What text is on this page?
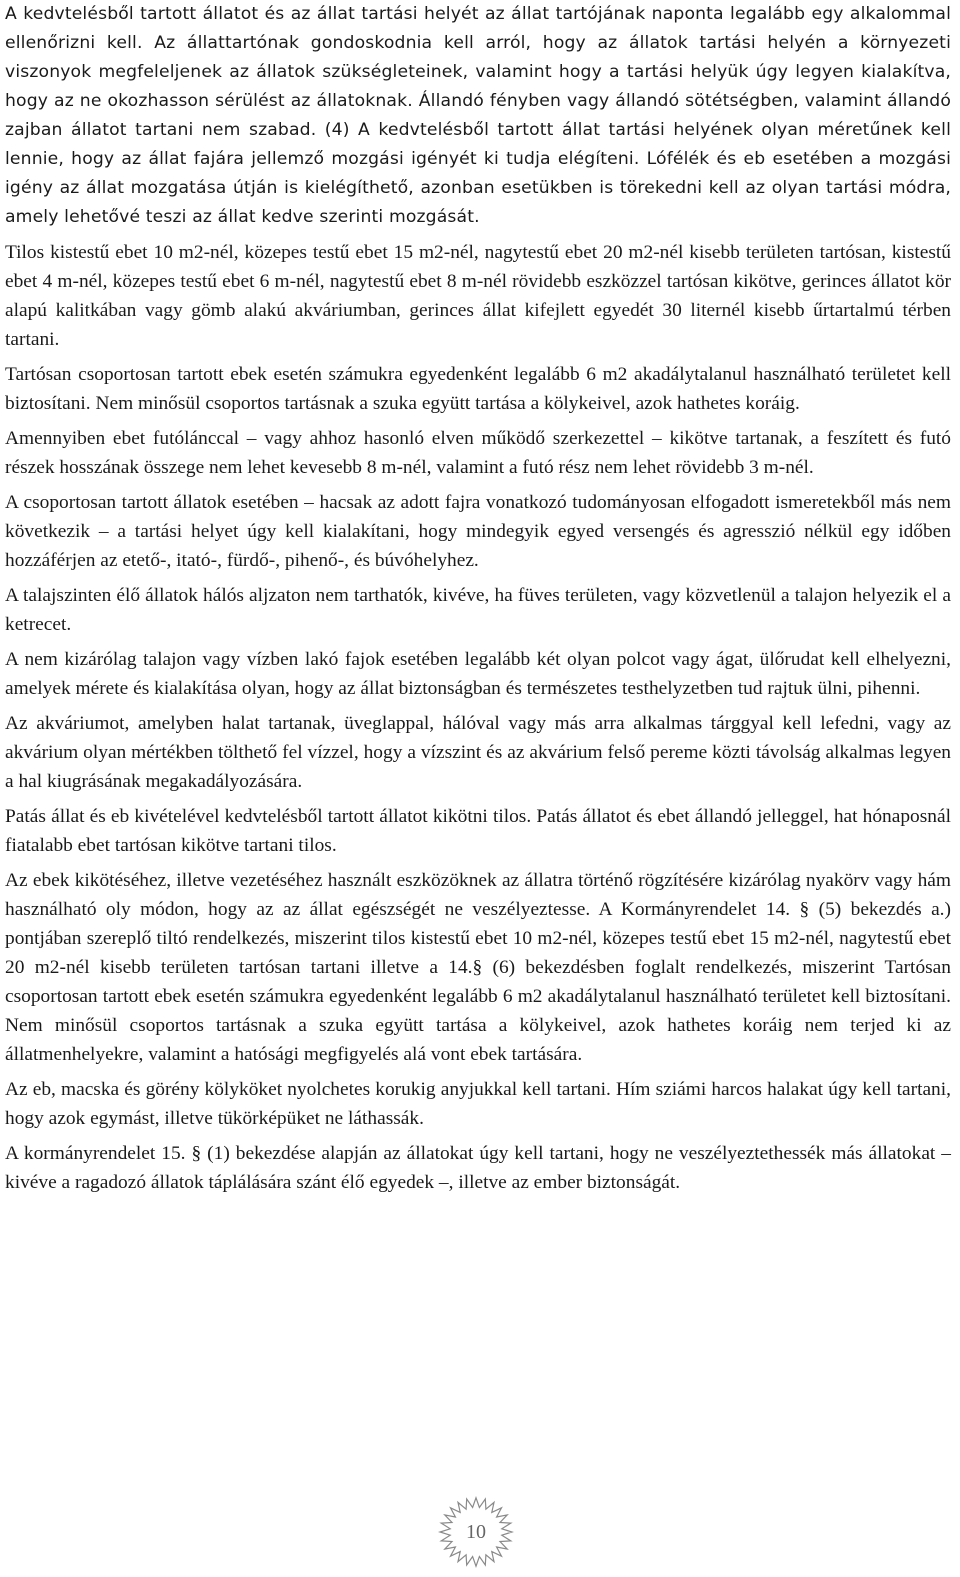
A kedvtelésből tartott állatot és az állat tartási helyét az állat tartójának naponta legalább egy alkalommal ellenőrizni kell. Az állattartónak gondoskodnia kell arról, hogy az állatok tartási helyén a környezeti viszonyok megfeleljenek az állatok szükségleteinek, valamint hogy a tartási helyük úgy legyen kialakítva, hogy az ne okozhasson sérülést az állatoknak. Állandó fényben vagy állandó sötétségben, valamint állandó zajban állatot tartani nem szabad. (4) A kedvtelésből tartott állat tartási helyének olyan méretűnek kell lennie, hogy az állat fajára jellemző mozgási igényét ki tudja elégíteni. Lófélék és eb esetében a mozgási igény az állat mozgatása útján is kielégíthető, azonban esetükben is törekedni kell az olyan tartási módra, amely lehetővé teszi az állat kedve szerinti mozgását.

Tilos kistestű ebet 10 m2-nél, közepes testű ebet 15 m2-nél, nagytestű ebet 20 m2-nél kisebb területen tartósan, kistestű ebet 4 m-nél, közepes testű ebet 6 m-nél, nagytestű ebet 8 m-nél rövidebb eszközzel tartósan kikötve, gerinces állatot kör alapú kalitkában vagy gömb alakú akváriumban, gerinces állat kifejlett egyedét 30 liternél kisebb űrtartalmú térben tartani.

Tartósan csoportosan tartott ebek esetén számukra egyedenként legalább 6 m2 akadálytalanul használható területet kell biztosítani. Nem minősül csoportos tartásnak a szuka együtt tartása a kölykeivel, azok hathetes koráig.

Amennyiben ebet futólánccal – vagy ahhoz hasonló elven működő szerkezettel – kikötve tartanak, a feszített és futó részek hosszának összege nem lehet kevesebb 8 m-nél, valamint a futó rész nem lehet rövidebb 3 m-nél.

A csoportosan tartott állatok esetében – hacsak az adott fajra vonatkozó tudományosan elfogadott ismeretekből más nem következik – a tartási helyet úgy kell kialakítani, hogy mindegyik egyed versengés és agresszió nélkül egy időben hozzáférjen az etető-, itató-, fürdő-, pihenő-, és búvóhelyhez.

A talajszinten élő állatok hálós aljzaton nem tarthatók, kivéve, ha füves területen, vagy közvetlenül a talajon helyezik el a ketrecet.

A nem kizárólag talajon vagy vízben lakó fajok esetében legalább két olyan polcot vagy ágat, ülőrudat kell elhelyezni, amelyek mérete és kialakítása olyan, hogy az állat biztonságban és természetes testhelyzetben tud rajtuk ülni, pihenni.

Az akváriumot, amelyben halat tartanak, üveglappal, hálóval vagy más arra alkalmas tárggyal kell lefedni, vagy az akvárium olyan mértékben tölthető fel vízzel, hogy a vízszint és az akvárium felső pereme közti távolság alkalmas legyen a hal kiugrásának megakadályozására.

Patás állat és eb kivételével kedvtelésből tartott állatot kikötni tilos. Patás állatot és ebet állandó jelleggel, hat hónaposnál fiatalabb ebet tartósan kikötve tartani tilos.

Az ebek kikötéséhez, illetve vezetéséhez használt eszközöknek az állatra történő rögzítésére kizárólag nyakörv vagy hám használható oly módon, hogy az az állat egészségét ne veszélyeztesse. A Kormányrendelet 14. § (5) bekezdés a.) pontjában szereplő tiltó rendelkezés, miszerint tilos kistestű ebet 10 m2-nél, közepes testű ebet 15 m2-nél, nagytestű ebet 20 m2-nél kisebb területen tartósan tartani illetve a 14.§ (6) bekezdésben foglalt rendelkezés, miszerint Tartósan csoportosan tartott ebek esetén számukra egyedenként legalább 6 m2 akadálytalanul használható területet kell biztosítani. Nem minősül csoportos tartásnak a szuka együtt tartása a kölykeivel, azok hathetes koráig nem terjed ki az állatmenhelyekre, valamint a hatósági megfigyelés alá vont ebek tartására.

Az eb, macska és görény kölyköket nyolchetes korukig anyjukkal kell tartani. Hím sziámi harcos halakat úgy kell tartani, hogy azok egymást, illetve tükörképüket ne láthassák.

A kormányrendelet 15. § (1) bekezdése alapján az állatokat úgy kell tartani, hogy ne veszélyeztethessék más állatokat – kivéve a ragadozó állatok táplálására szánt élő egyedek –, illetve az ember biztonságát.

10
